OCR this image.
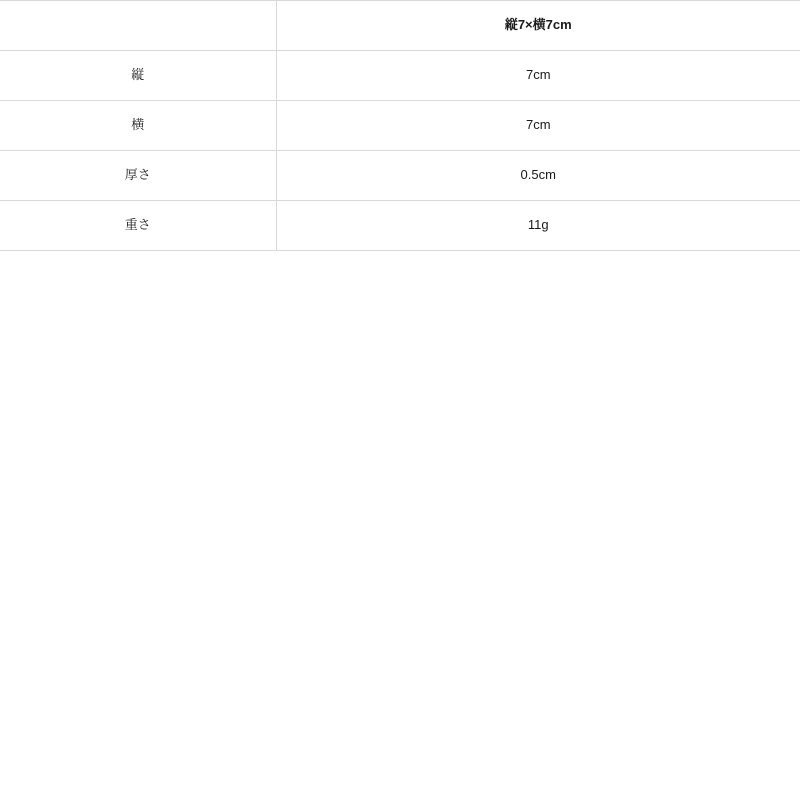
	縦7×横7cm
縦	7cm
横	7cm
厚さ	0.5cm
重さ	11g
